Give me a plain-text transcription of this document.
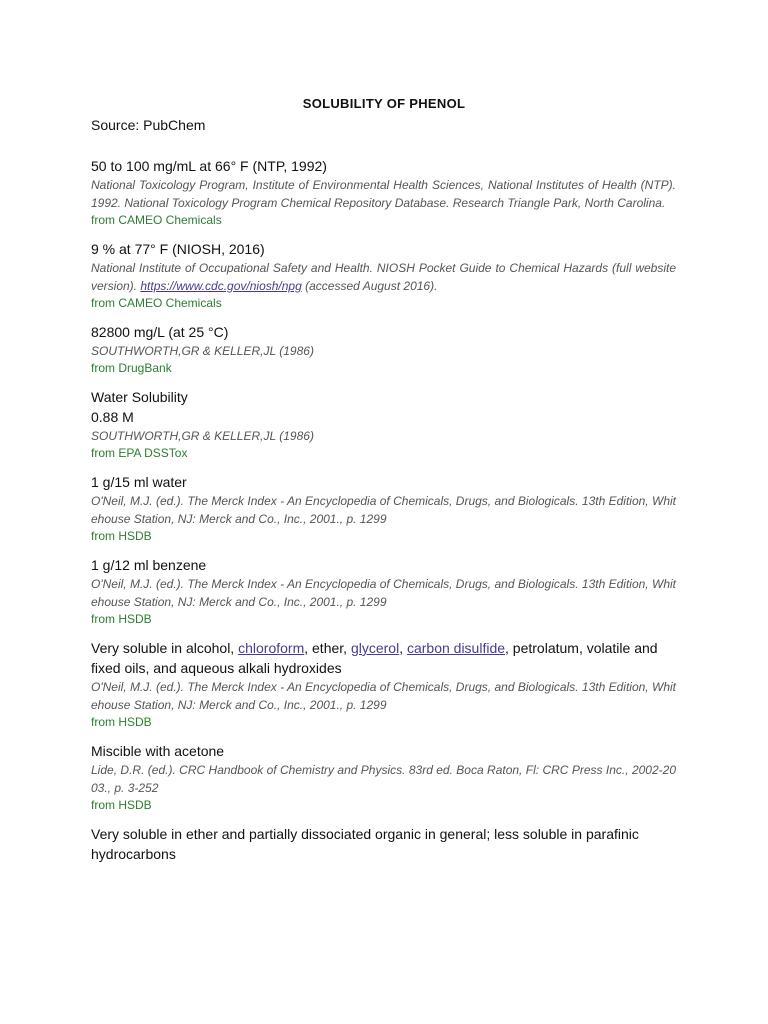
SOLUBILITY OF PHENOL
Source: PubChem
50 to 100 mg/mL at 66° F (NTP, 1992)
National Toxicology Program, Institute of Environmental Health Sciences, National Institutes of Health (NTP). 1992. National Toxicology Program Chemical Repository Database. Research Triangle Park, North Carolina.
from CAMEO Chemicals
9 % at 77° F (NIOSH, 2016)
National Institute of Occupational Safety and Health. NIOSH Pocket Guide to Chemical Hazards (full website version). https://www.cdc.gov/niosh/npg (accessed August 2016).
from CAMEO Chemicals
82800 mg/L (at 25 °C)
SOUTHWORTH,GR & KELLER,JL (1986)
from DrugBank
Water Solubility
0.88 M
SOUTHWORTH,GR & KELLER,JL (1986)
from EPA DSSTox
1 g/15 ml water
O'Neil, M.J. (ed.). The Merck Index - An Encyclopedia of Chemicals, Drugs, and Biologicals. 13th Edition, Whitehouse Station, NJ: Merck and Co., Inc., 2001., p. 1299
from HSDB
1 g/12 ml benzene
O'Neil, M.J. (ed.). The Merck Index - An Encyclopedia of Chemicals, Drugs, and Biologicals. 13th Edition, Whitehouse Station, NJ: Merck and Co., Inc., 2001., p. 1299
from HSDB
Very soluble in alcohol, chloroform, ether, glycerol, carbon disulfide, petrolatum, volatile and fixed oils, and aqueous alkali hydroxides
O'Neil, M.J. (ed.). The Merck Index - An Encyclopedia of Chemicals, Drugs, and Biologicals. 13th Edition, Whitehouse Station, NJ: Merck and Co., Inc., 2001., p. 1299
from HSDB
Miscible with acetone
Lide, D.R. (ed.). CRC Handbook of Chemistry and Physics. 83rd ed. Boca Raton, Fl: CRC Press Inc., 2002-2003., p. 3-252
from HSDB
Very soluble in ether and partially dissociated organic in general; less soluble in parafinic hydrocarbons
